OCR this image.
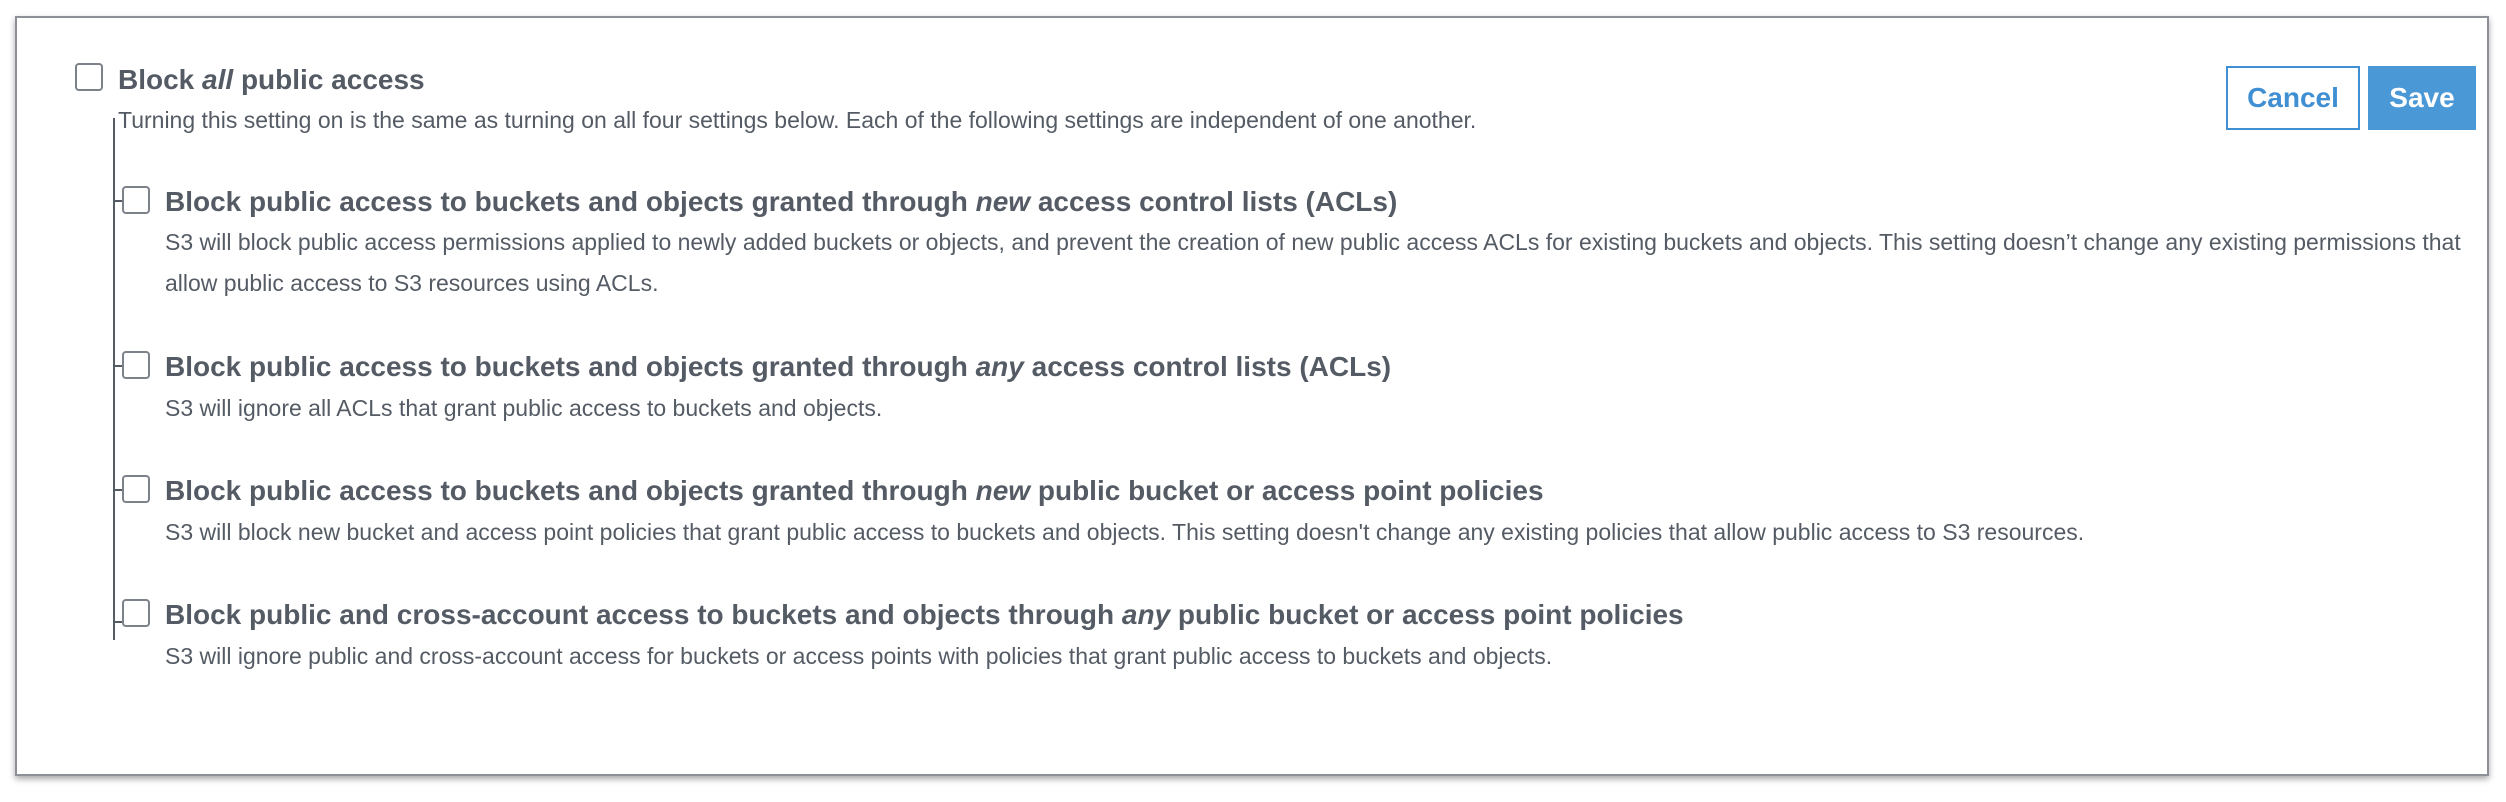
Block all public access
Turning this setting on is the same as turning on all four settings below. Each of the following settings are independent of one another.
Block public access to buckets and objects granted through new access control lists (ACLs)
S3 will block public access permissions applied to newly added buckets or objects, and prevent the creation of new public access ACLs for existing buckets and objects. This setting doesn’t change any existing permissions that allow public access to S3 resources using ACLs.
Block public access to buckets and objects granted through any access control lists (ACLs)
S3 will ignore all ACLs that grant public access to buckets and objects.
Block public access to buckets and objects granted through new public bucket or access point policies
S3 will block new bucket and access point policies that grant public access to buckets and objects. This setting doesn't change any existing policies that allow public access to S3 resources.
Block public and cross-account access to buckets and objects through any public bucket or access point policies
S3 will ignore public and cross-account access for buckets or access points with policies that grant public access to buckets and objects.
Cancel	Save
